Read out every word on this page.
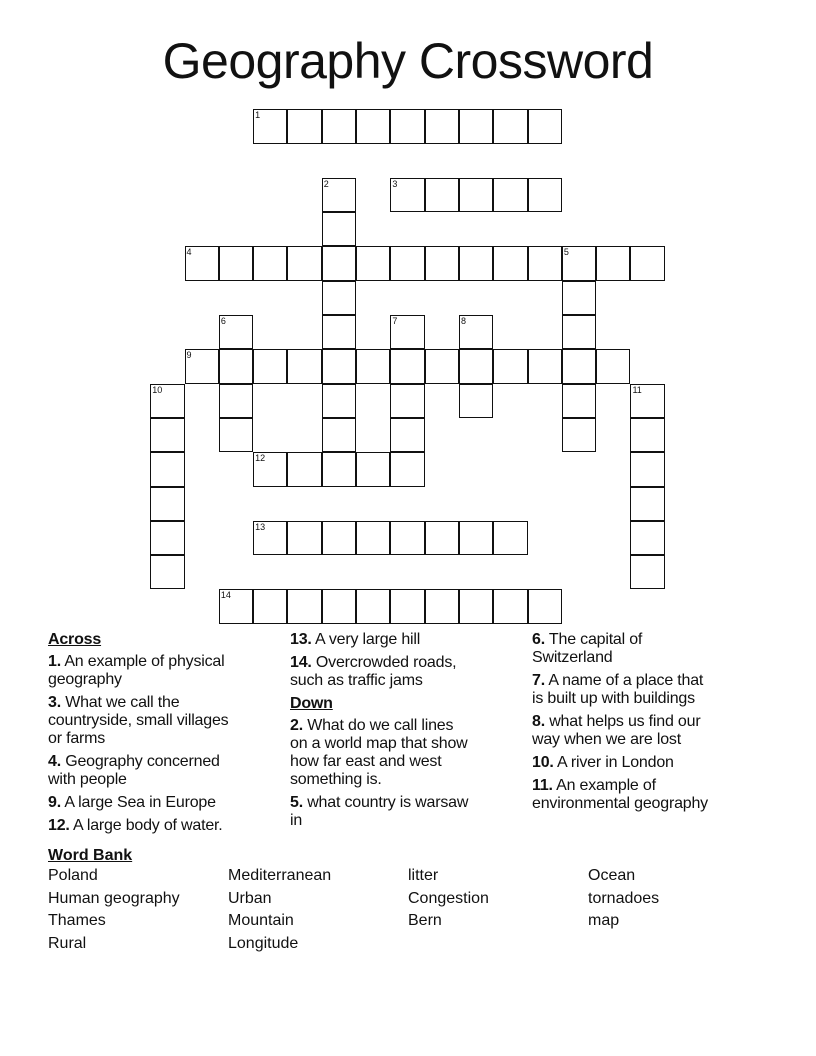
Geography Crossword
1
2	3
4	5
6	7	8
9
10	11
12
13
14
Across
1. An example of physical
geography
3. What we call the
countryside, small villages
or farms
4. Geography concerned
with people
9. A large Sea in Europe
12. A large body of water.
13. A very large hill
14. Overcrowded roads,
such as traffic jams
Down
2. What do we call lines
on a world map that show
how far east and west
something is.
5. what country is warsaw
in
6. The capital of
Switzerland
7. A name of a place that
is built up with buildings
8. what helps us find our
way when we are lost
10. A river in London
11. An example of
environmental geography
Word Bank
Poland	Mediterranean	litter	Ocean
Human geography	Urban	Congestion	tornadoes
Thames	Mountain	Bern	map
Rural	Longitude
